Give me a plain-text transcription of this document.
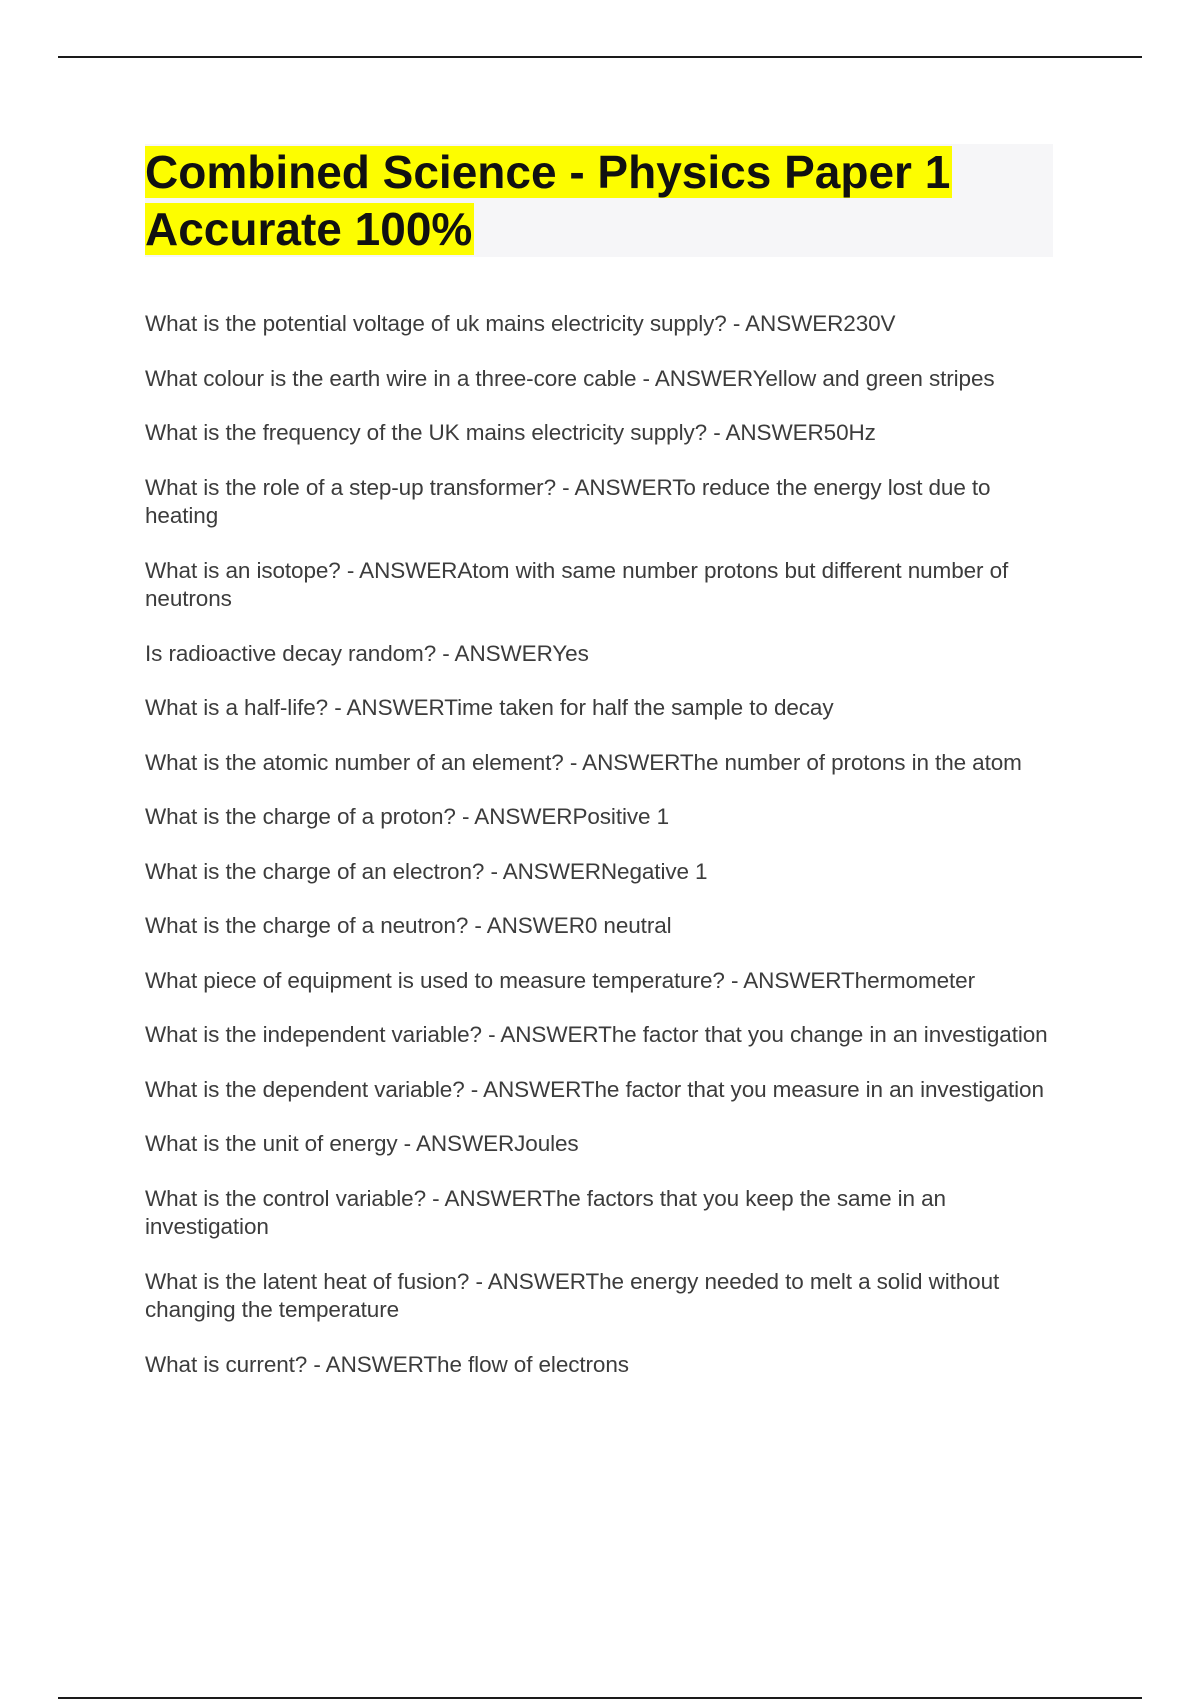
Combined Science - Physics Paper 1
Accurate 100%
What is the potential voltage of uk mains electricity supply? - ANSWER230V
What colour is the earth wire in a three-core cable - ANSWERYellow and green stripes
What is the frequency of the UK mains electricity supply? - ANSWER50Hz
What is the role of a step-up transformer? - ANSWERTo reduce the energy lost due to heating
What is an isotope? - ANSWERAtom with same number protons but different number of neutrons
Is radioactive decay random? - ANSWERYes
What is a half-life? - ANSWERTime taken for half the sample to decay
What is the atomic number of an element? - ANSWERThe number of protons in the atom
What is the charge of a proton? - ANSWERPositive 1
What is the charge of an electron? - ANSWERNegative 1
What is the charge of a neutron? - ANSWER0 neutral
What piece of equipment is used to measure temperature? - ANSWERThermometer
What is the independent variable? - ANSWERThe factor that you change in an investigation
What is the dependent variable? - ANSWERThe factor that you measure in an investigation
What is the unit of energy - ANSWERJoules
What is the control variable? - ANSWERThe factors that you keep the same in an investigation
What is the latent heat of fusion? - ANSWERThe energy needed to melt a solid without changing the temperature
What is current? - ANSWERThe flow of electrons
